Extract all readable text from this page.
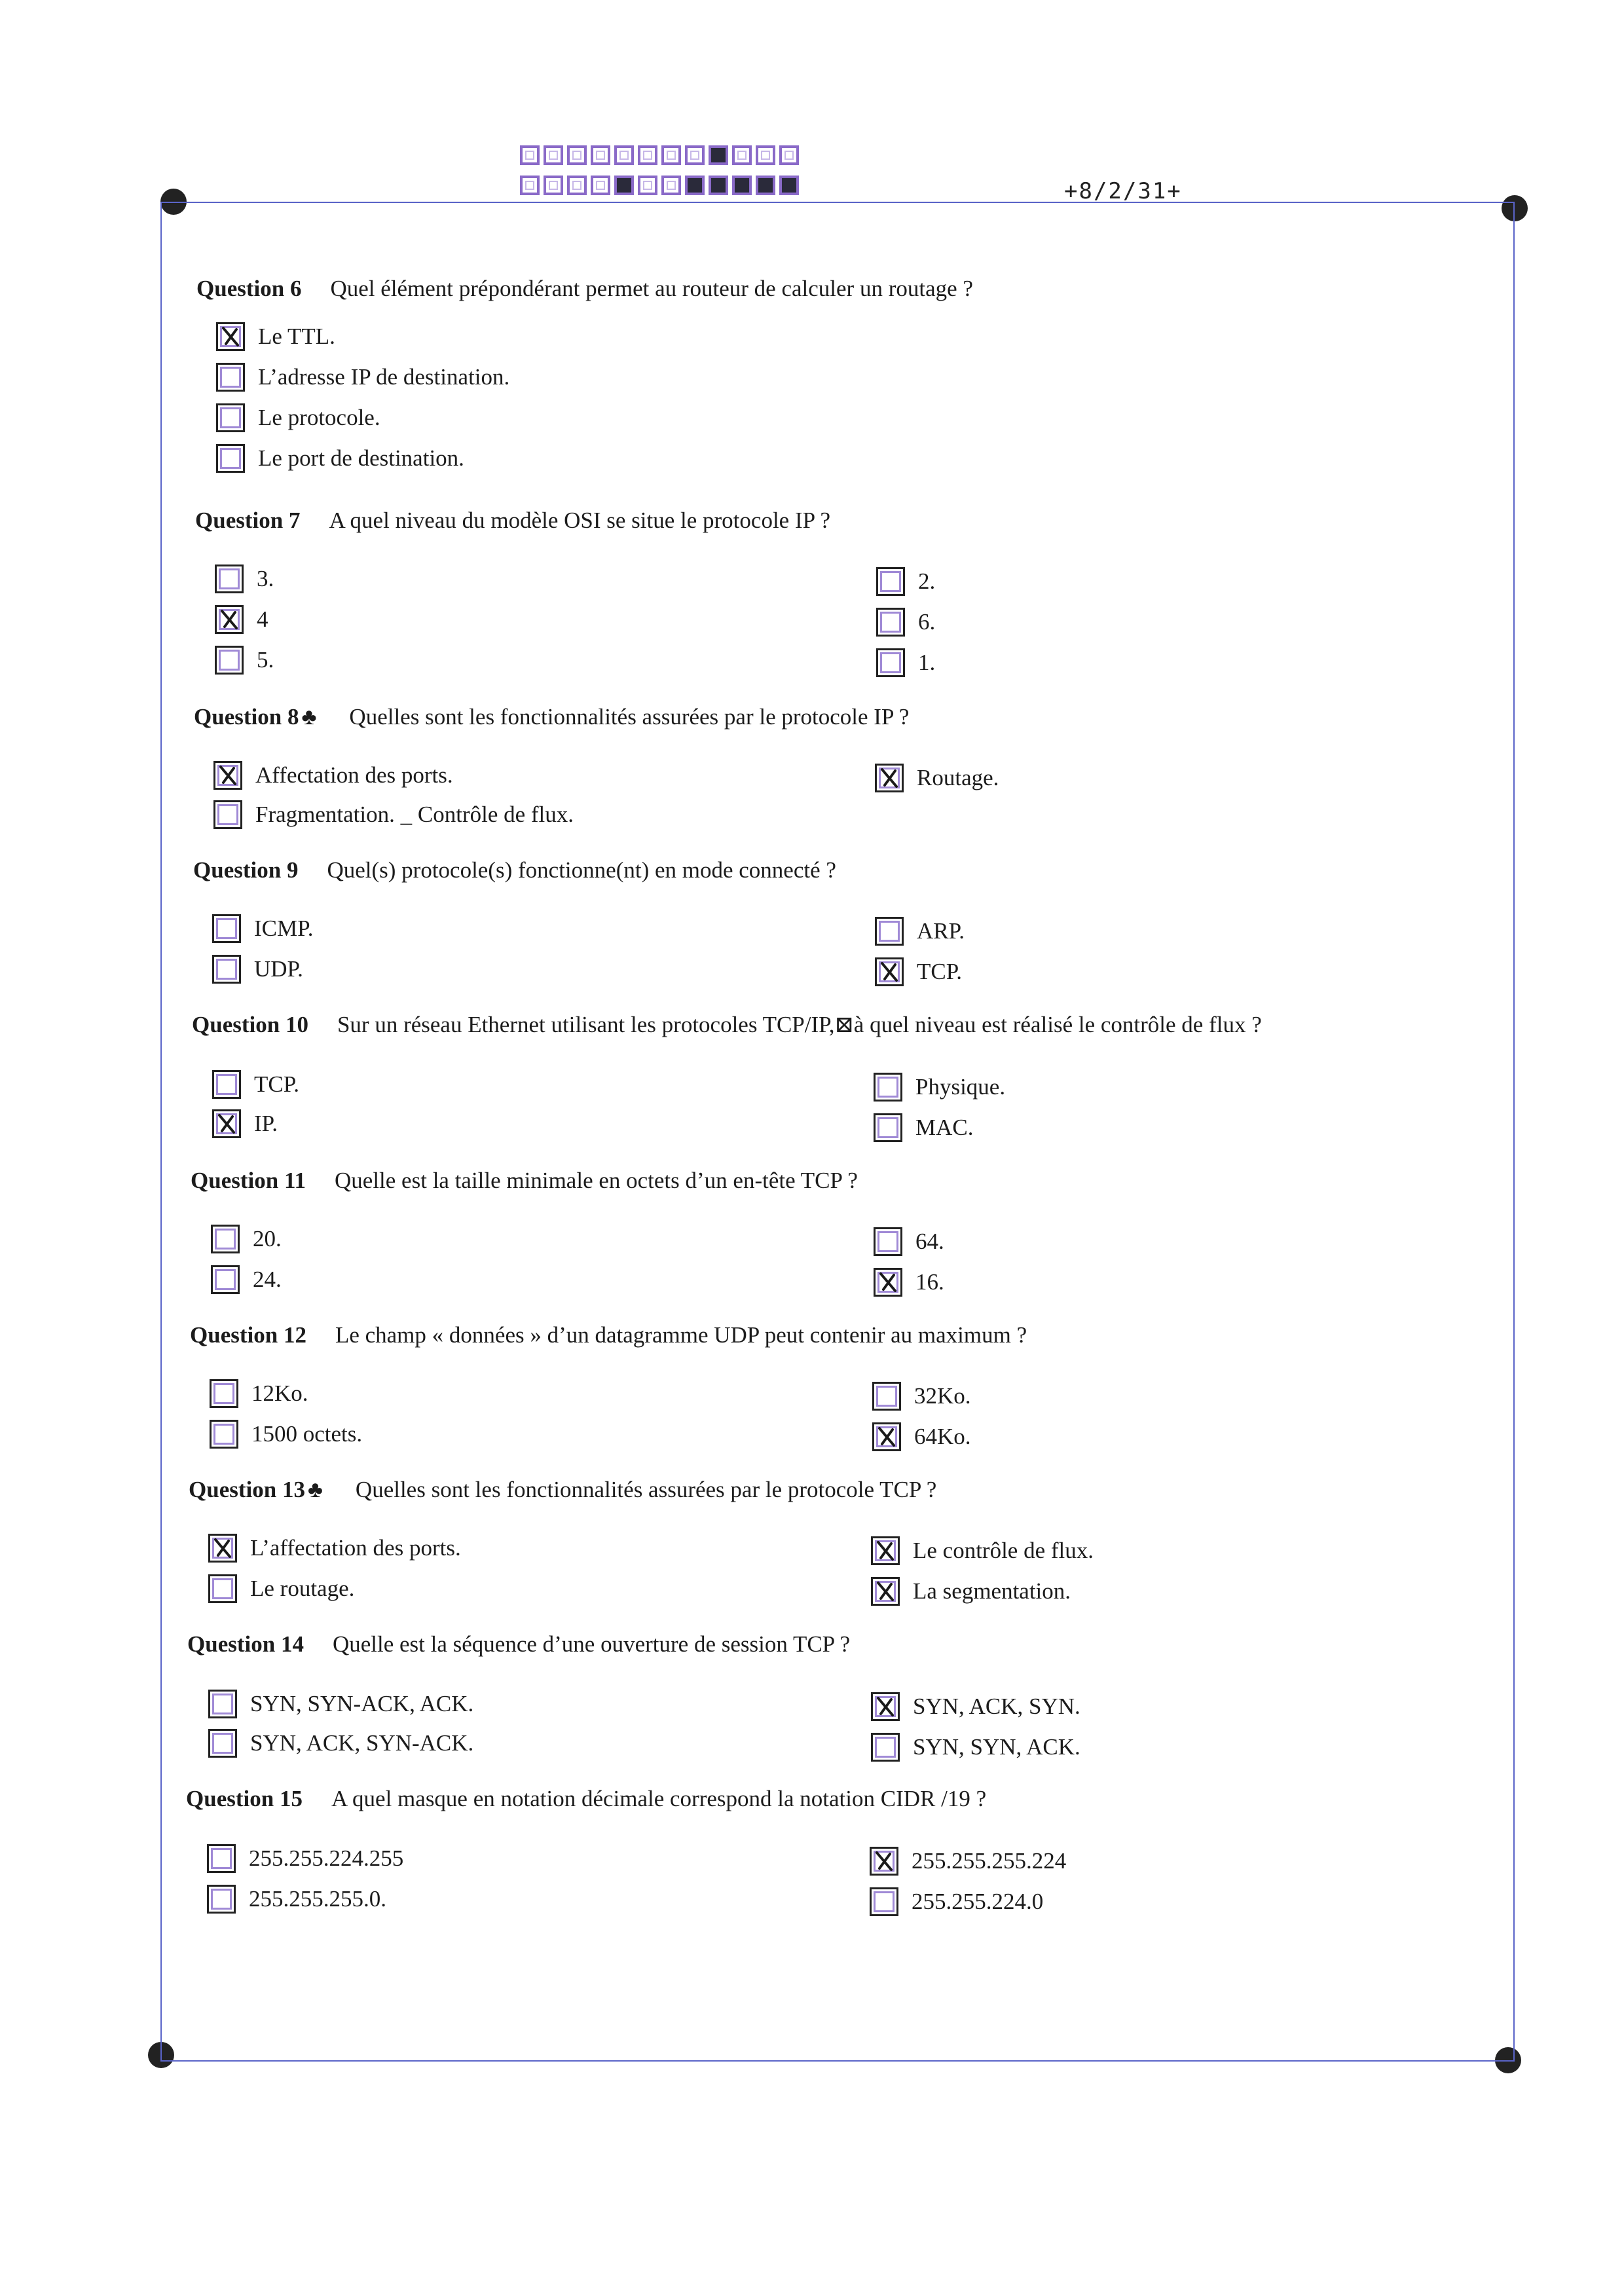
+8/2/31+
Question 6 Quel élément prépondérant permet au routeur de calculer un routage ?
Le TTL.
L’adresse IP de destination.
Le protocole.
Le port de destination.
Question 7 A quel niveau du modèle OSI se situe le protocole IP ?
3.
4
5.
2.
6.
1.
Question 8 ♣ Quelles sont les fonctionnalités assurées par le protocole IP ?
Affectation des ports.
Fragmentation. _ Contrôle de flux.
Routage.
Question 9 Quel(s) protocole(s) fonctionne(nt) en mode connecté ?
ICMP.
UDP.
ARP.
TCP.
Question 10 Sur un réseau Ethernet utilisant les protocoles TCP/IP,⊠à quel niveau est réalisé le contrôle de flux ?
TCP.
IP.
Physique.
MAC.
Question 11 Quelle est la taille minimale en octets d’un en-tête TCP ?
20.
24.
64.
16.
Question 12 Le champ « données » d’un datagramme UDP peut contenir au maximum ?
12Ko.
1500 octets.
32Ko.
64Ko.
Question 13 ♣ Quelles sont les fonctionnalités assurées par le protocole TCP ?
L’affectation des ports.
Le routage.
Le contrôle de flux.
La segmentation.
Question 14 Quelle est la séquence d’une ouverture de session TCP ?
SYN, SYN-ACK, ACK.
SYN, ACK, SYN-ACK.
SYN, ACK, SYN.
SYN, SYN, ACK.
Question 15 A quel masque en notation décimale correspond la notation CIDR /19 ?
255.255.224.255
255.255.255.0.
255.255.255.224
255.255.224.0
